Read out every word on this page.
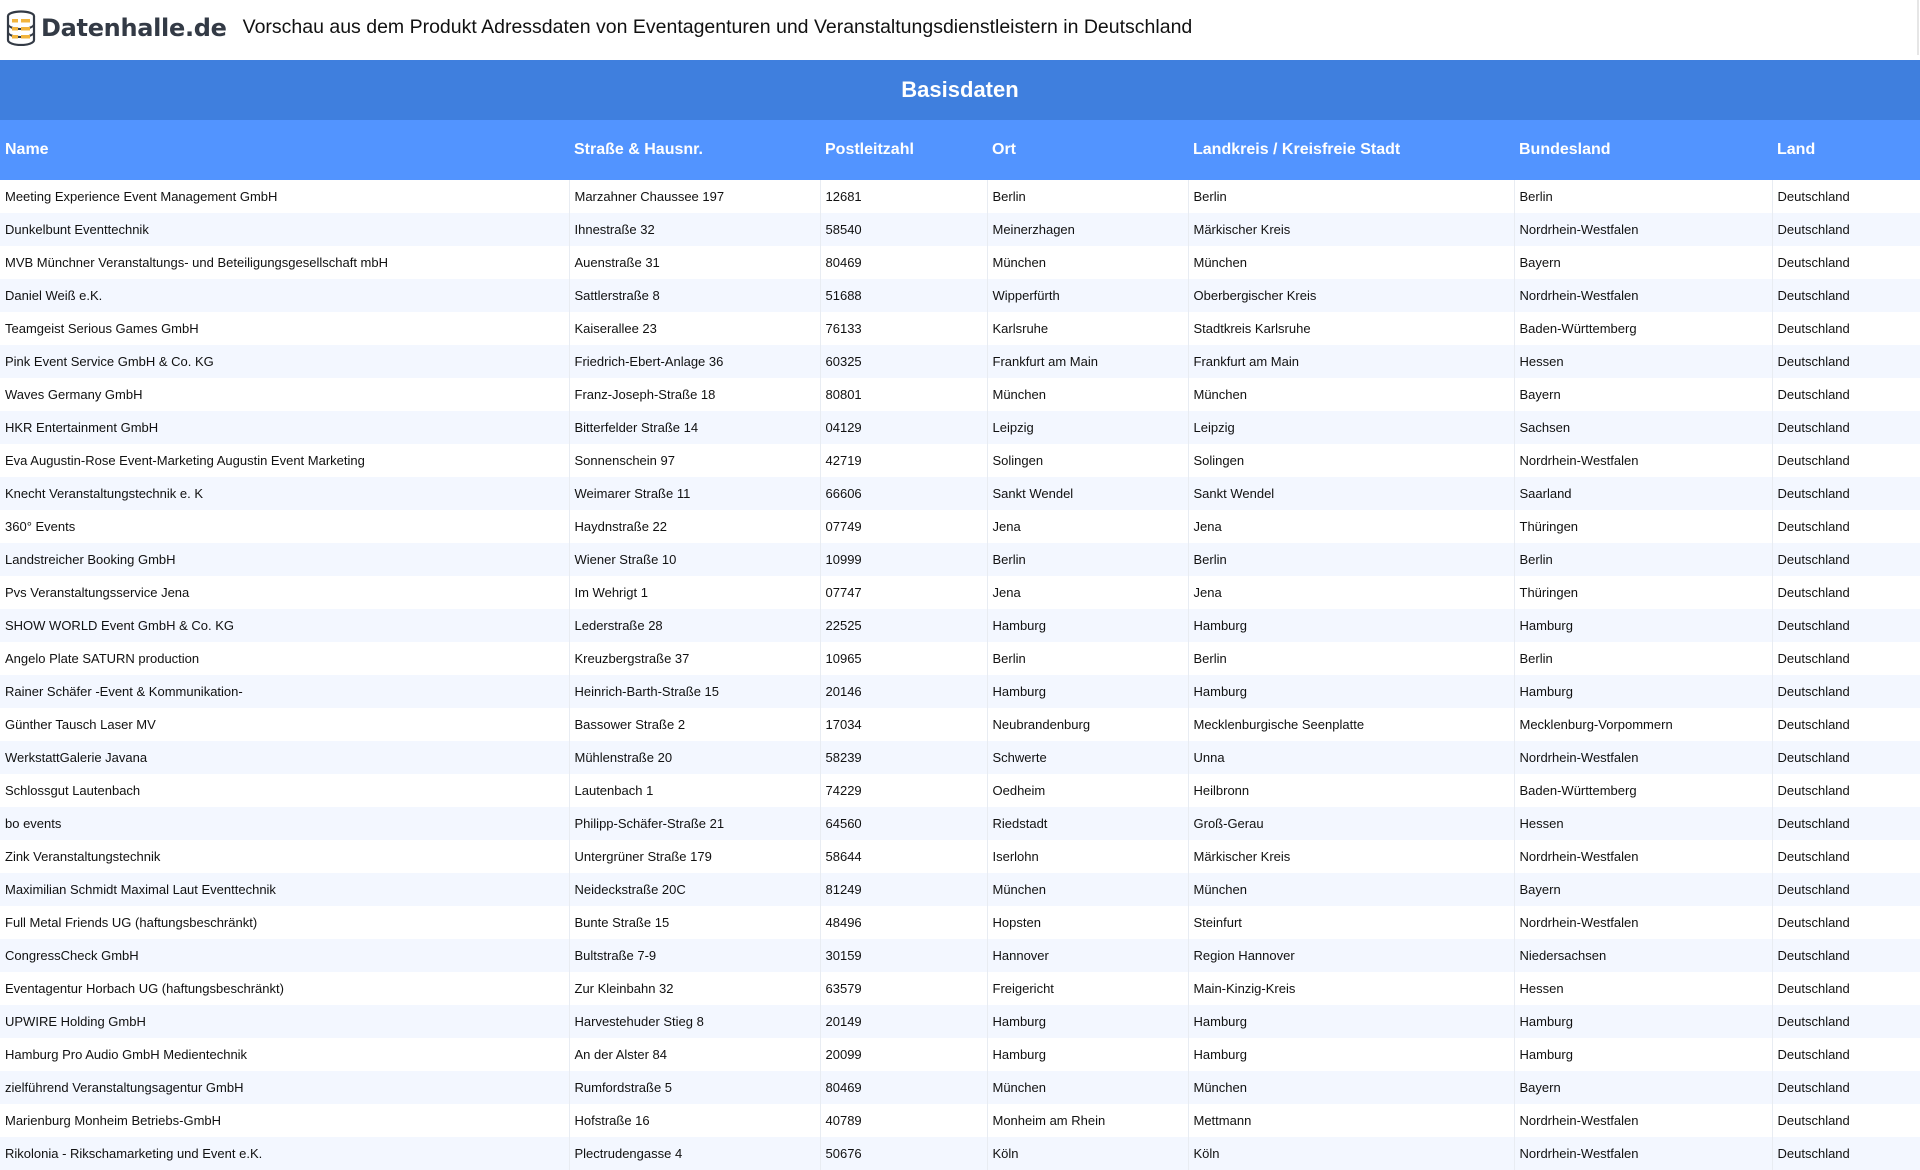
Datenhalle.de Vorschau aus dem Produkt Adressdaten von Eventagenturen und Veranstaltungsdienstleistern in Deutschland
Basisdaten
Name	Straße & Hausnr.	Postleitzahl	Ort	Landkreis / Kreisfreie Stadt	Bundesland	Land
Meeting Experience Event Management GmbH	Marzahner Chaussee 197	12681	Berlin	Berlin	Berlin	Deutschland
Dunkelbunt Eventtechnik	Ihnestraße 32	58540	Meinerzhagen	Märkischer Kreis	Nordrhein-Westfalen	Deutschland
MVB Münchner Veranstaltungs- und Beteiligungsgesellschaft mbH	Auenstraße 31	80469	München	München	Bayern	Deutschland
Daniel Weiß e.K.	Sattlerstraße 8	51688	Wipperfürth	Oberbergischer Kreis	Nordrhein-Westfalen	Deutschland
Teamgeist Serious Games GmbH	Kaiserallee 23	76133	Karlsruhe	Stadtkreis Karlsruhe	Baden-Württemberg	Deutschland
Pink Event Service GmbH & Co. KG	Friedrich-Ebert-Anlage 36	60325	Frankfurt am Main	Frankfurt am Main	Hessen	Deutschland
Waves Germany GmbH	Franz-Joseph-Straße 18	80801	München	München	Bayern	Deutschland
HKR Entertainment GmbH	Bitterfelder Straße 14	04129	Leipzig	Leipzig	Sachsen	Deutschland
Eva Augustin-Rose Event-Marketing Augustin Event Marketing	Sonnenschein 97	42719	Solingen	Solingen	Nordrhein-Westfalen	Deutschland
Knecht Veranstaltungstechnik e. K	Weimarer Straße 11	66606	Sankt Wendel	Sankt Wendel	Saarland	Deutschland
360° Events	Haydnstraße 22	07749	Jena	Jena	Thüringen	Deutschland
Landstreicher Booking GmbH	Wiener Straße 10	10999	Berlin	Berlin	Berlin	Deutschland
Pvs Veranstaltungsservice Jena	Im Wehrigt 1	07747	Jena	Jena	Thüringen	Deutschland
SHOW WORLD Event GmbH & Co. KG	Lederstraße 28	22525	Hamburg	Hamburg	Hamburg	Deutschland
Angelo Plate SATURN production	Kreuzbergstraße 37	10965	Berlin	Berlin	Berlin	Deutschland
Rainer Schäfer -Event & Kommunikation-	Heinrich-Barth-Straße 15	20146	Hamburg	Hamburg	Hamburg	Deutschland
Günther Tausch Laser MV	Bassower Straße 2	17034	Neubrandenburg	Mecklenburgische Seenplatte	Mecklenburg-Vorpommern	Deutschland
WerkstattGalerie Javana	Mühlenstraße 20	58239	Schwerte	Unna	Nordrhein-Westfalen	Deutschland
Schlossgut Lautenbach	Lautenbach 1	74229	Oedheim	Heilbronn	Baden-Württemberg	Deutschland
bo events	Philipp-Schäfer-Straße 21	64560	Riedstadt	Groß-Gerau	Hessen	Deutschland
Zink Veranstaltungstechnik	Untergrüner Straße 179	58644	Iserlohn	Märkischer Kreis	Nordrhein-Westfalen	Deutschland
Maximilian Schmidt Maximal Laut Eventtechnik	Neideckstraße 20C	81249	München	München	Bayern	Deutschland
Full Metal Friends UG (haftungsbeschränkt)	Bunte Straße 15	48496	Hopsten	Steinfurt	Nordrhein-Westfalen	Deutschland
CongressCheck GmbH	Bultstraße 7-9	30159	Hannover	Region Hannover	Niedersachsen	Deutschland
Eventagentur Horbach UG (haftungsbeschränkt)	Zur Kleinbahn 32	63579	Freigericht	Main-Kinzig-Kreis	Hessen	Deutschland
UPWIRE Holding GmbH	Harvestehuder Stieg 8	20149	Hamburg	Hamburg	Hamburg	Deutschland
Hamburg Pro Audio GmbH Medientechnik	An der Alster 84	20099	Hamburg	Hamburg	Hamburg	Deutschland
zielführend Veranstaltungsagentur GmbH	Rumfordstraße 5	80469	München	München	Bayern	Deutschland
Marienburg Monheim Betriebs-GmbH	Hofstraße 16	40789	Monheim am Rhein	Mettmann	Nordrhein-Westfalen	Deutschland
Rikolonia - Rikschamarketing und Event e.K.	Plectrudengasse 4	50676	Köln	Köln	Nordrhein-Westfalen	Deutschland
